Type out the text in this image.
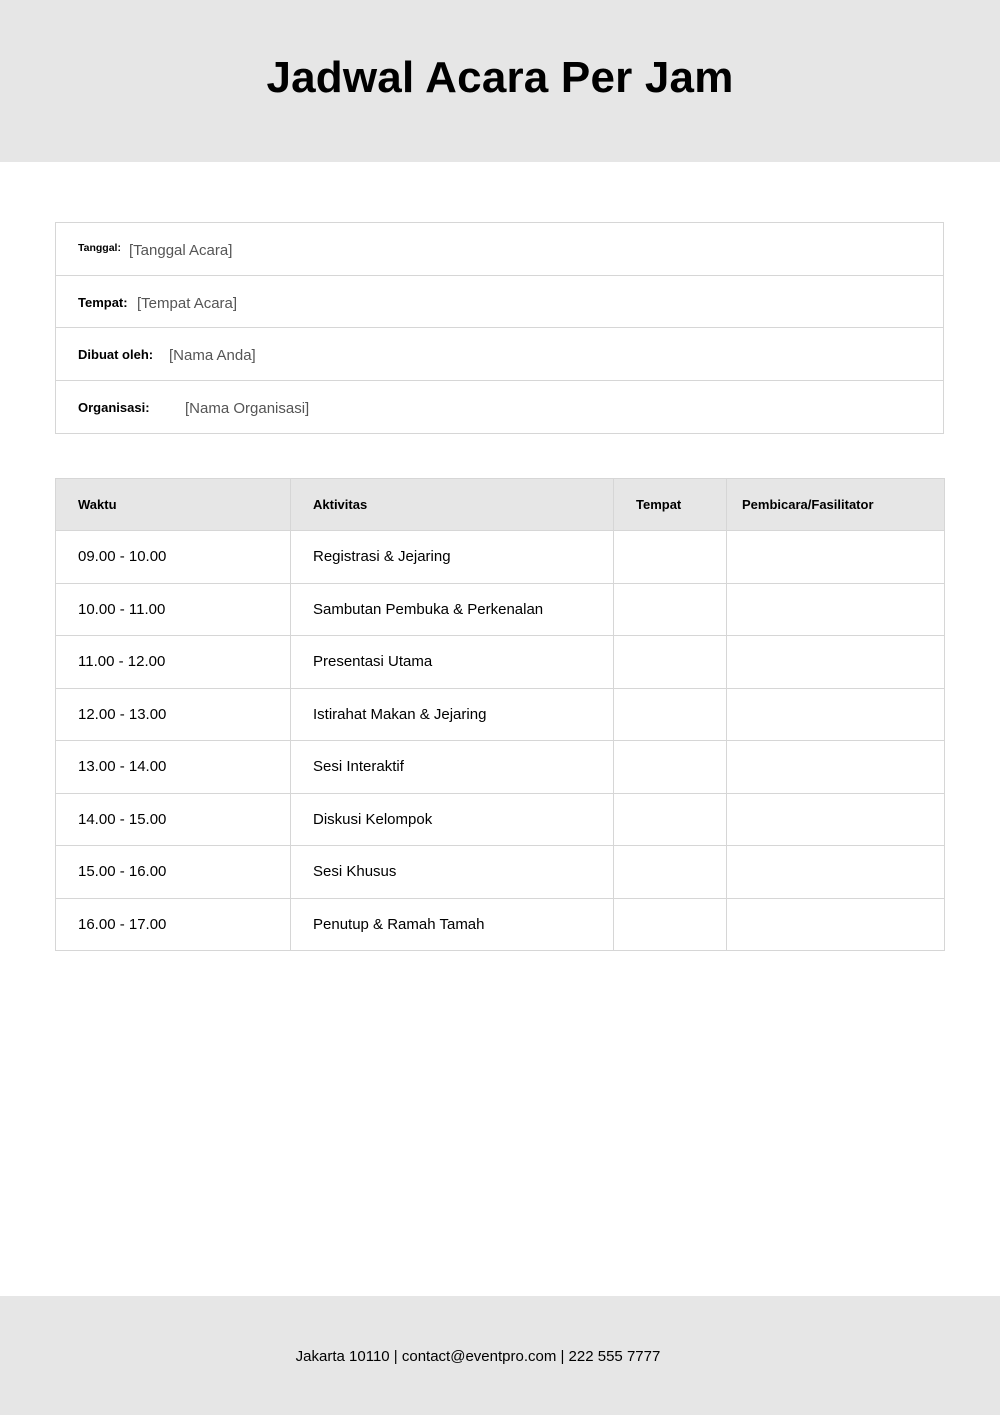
Jadwal Acara Per Jam
Tanggal: [Tanggal Acara]
Tempat: [Tempat Acara]
Dibuat oleh: [Nama Anda]
Organisasi: [Nama Organisasi]
Waktu	Aktivitas	Tempat	Pembicara/Fasilitator
09.00 - 10.00	Registrasi & Jejaring		
10.00 - 11.00	Sambutan Pembuka & Perkenalan		
11.00 - 12.00	Presentasi Utama		
12.00 - 13.00	Istirahat Makan & Jejaring		
13.00 - 14.00	Sesi Interaktif		
14.00 - 15.00	Diskusi Kelompok		
15.00 - 16.00	Sesi Khusus		
16.00 - 17.00	Penutup & Ramah Tamah		

Jakarta 10110 | contact@eventpro.com | 222 555 7777
